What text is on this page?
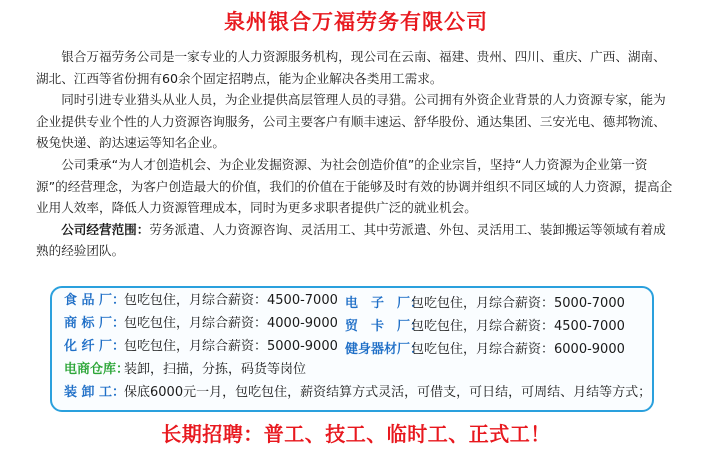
泉州银合万福劳务有限公司

银合万福劳务公司是一家专业的人力资源服务机构，现公司在云南、福建、贵州、四川、重庆、广西、湖南、湖北、江西等省份拥有60余个固定招聘点，能为企业解决各类用工需求。

同时引进专业猎头从业人员，为企业提供高层管理人员的寻猎。公司拥有外资企业背景的人力资源专家，能为企业提供专业个性的人力资源咨询服务，公司主要客户有顺丰速运、舒华股份、通达集团、三安光电、德邦物流、极兔快递、韵达速运等知名企业。

公司秉承“为人才创造机会、为企业发掘资源、为社会创造价值”的企业宗旨，坚持“人力资源为企业第一资源”的经营理念，为客户创造最大的价值，我们的价值在于能够及时有效的协调并组织不同区域的人力资源，提高企业用人效率，降低人力资源管理成本，同时为更多求职者提供广泛的就业机会。

公司经营范围：劳务派遣、人力资源咨询、灵活用工、其中劳派遣、外包、灵活用工、装卸搬运等领域有着成熟的经验团队。

食 品 厂：包吃包住，月综合薪资：4500-7000 电　子　厂：包吃包住，月综合薪资：5000-7000
商 标 厂：包吃包住，月综合薪资：4000-9000 贸　卡　厂：包吃包住，月综合薪资：4500-7000
化 纤 厂：包吃包住，月综合薪资：5000-9000 健身器材厂：包吃包住，月综合薪资：6000-9000
电商仓库：装卸，扫描，分拣，码货等岗位
装 卸 工：保底6000元一月，包吃包住，薪资结算方式灵活，可借支，可日结，可周结、月结等方式；
长期招聘：普工、技工、临时工、正式工！
